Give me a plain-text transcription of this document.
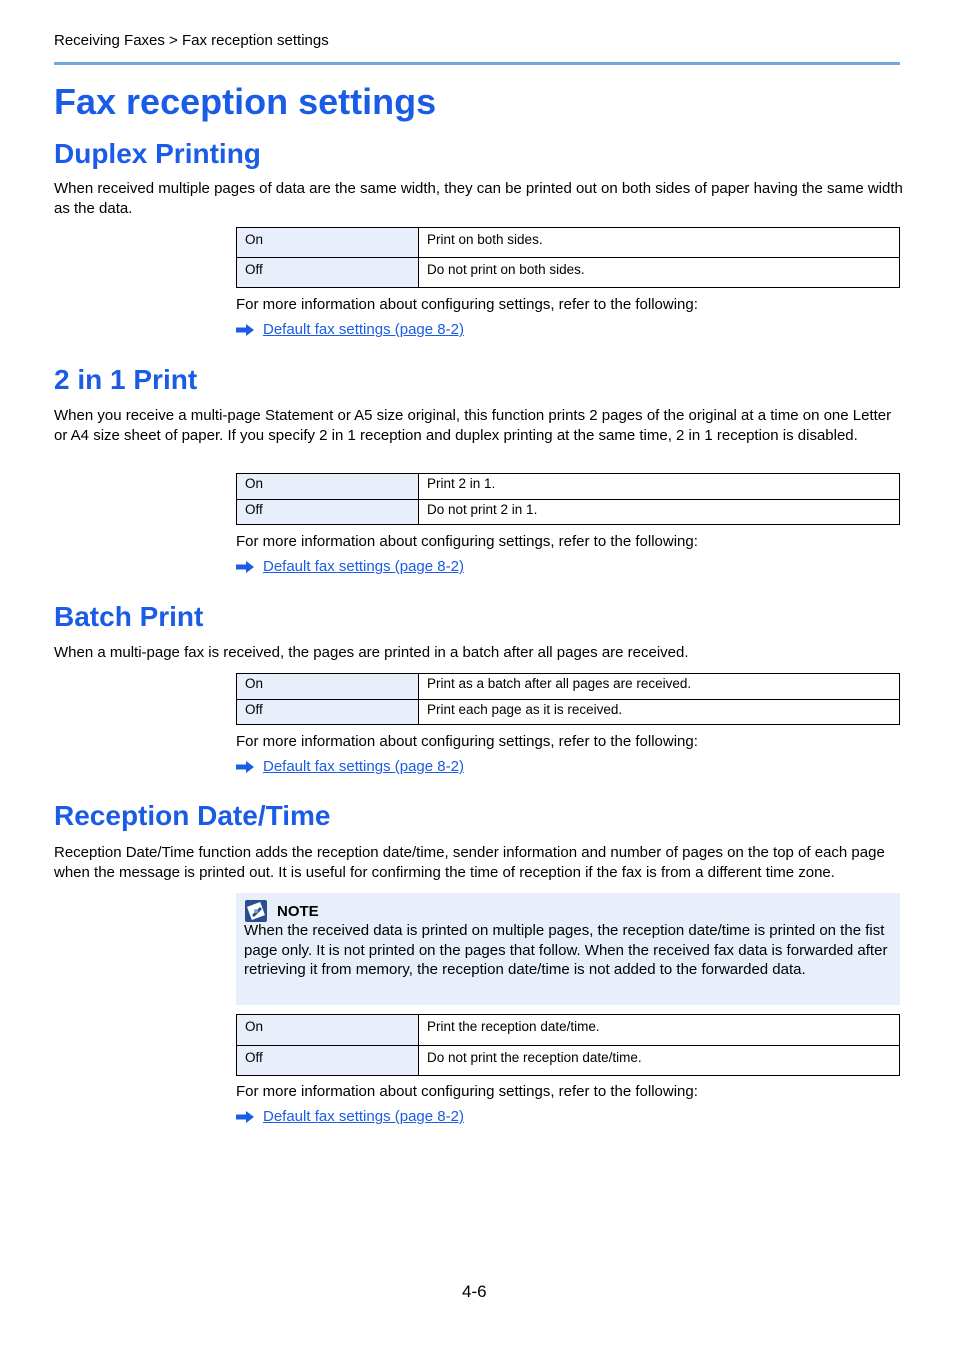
Receiving Faxes > Fax reception settings
Fax reception settings
Duplex Printing
When received multiple pages of data are the same width, they can be printed out on both sides of paper having the same width as the data.
On	Print on both sides.
Off	Do not print on both sides.
For more information about configuring settings, refer to the following:
Default fax settings (page 8-2)
2 in 1 Print
When you receive a multi-page Statement or A5 size original, this function prints 2 pages of the original at a time on one Letter or A4 size sheet of paper. If you specify 2 in 1 reception and duplex printing at the same time, 2 in 1 reception is disabled.
On	Print 2 in 1.
Off	Do not print 2 in 1.
For more information about configuring settings, refer to the following:
Default fax settings (page 8-2)
Batch Print
When a multi-page fax is received, the pages are printed in a batch after all pages are received.
On	Print as a batch after all pages are received.
Off	Print each page as it is received.
For more information about configuring settings, refer to the following:
Default fax settings (page 8-2)
Reception Date/Time
Reception Date/Time function adds the reception date/time, sender information and number of pages on the top of each page when the message is printed out. It is useful for confirming the time of reception if the fax is from a different time zone.
NOTE
When the received data is printed on multiple pages, the reception date/time is printed on the fist page only. It is not printed on the pages that follow. When the received fax data is forwarded after retrieving it from memory, the reception date/time is not added to the forwarded data.
On	Print the reception date/time.
Off	Do not print the reception date/time.
For more information about configuring settings, refer to the following:
Default fax settings (page 8-2)
4-6
